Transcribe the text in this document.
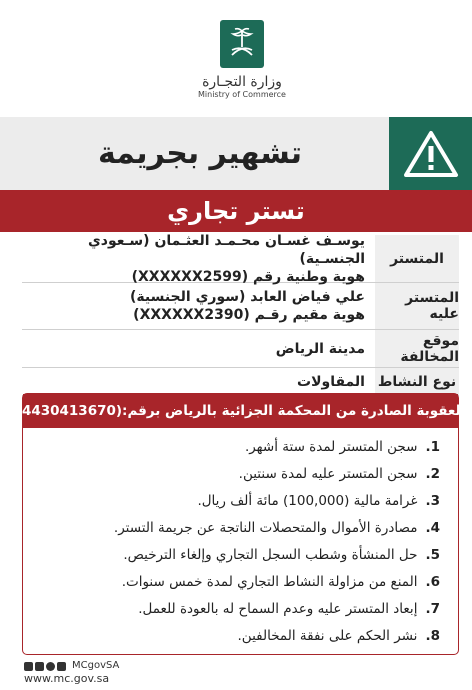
وزارة التجـارة
Ministry of Commerce
تشهير بجريمة
تستر تجاري
المتستر
يوسـف غسـان محـمـد العثـمان (سـعودي الجنسـية)
هوية وطنية رقم (XXXXXX2599)
المتستر عليه
علي فياض العابد (سوري الجنسية)
هوية مقيم رقـم (XXXXXX2390)
موقع المخالفة
مدينة الرياض
نوع النشاط
المقاولات
العقوبة الصادرة من المحكمة الجزائية بالرياض برقم:(4430413670)
1.سجن المتستر لمدة ستة أشهر.
2.سجن المتستر عليه لمدة سنتين.
3.غرامة مالية (100,000) مائة ألف ريال.
4.مصادرة الأموال والمتحصلات الناتجة عن جريمة التستر.
5.حل المنشأة وشطب السجل التجاري وإلغاء الترخيص.
6.المنع من مزاولة النشاط التجاري لمدة خمس سنوات.
7.إبعاد المتستر عليه وعدم السماح له بالعودة للعمل.
8.نشر الحكم على نفقة المخالفين.
MCgovSA
www.mc.gov.sa
